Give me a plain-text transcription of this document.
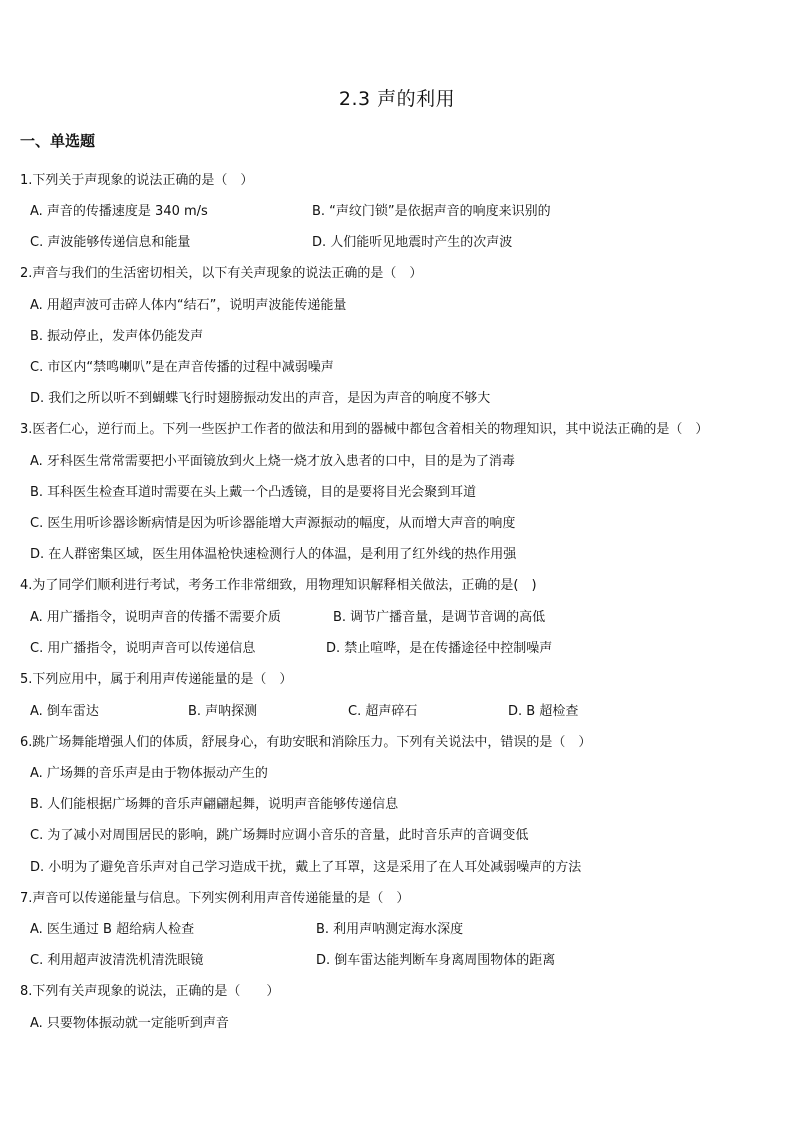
2.3 声的利用
一、单选题
1.下列关于声现象的说法正确的是（　）
A. 声音的传播速度是 340 m/s	B. “声纹门锁”是依据声音的响度来识别的
C. 声波能够传递信息和能量	D. 人们能听见地震时产生的次声波
2.声音与我们的生活密切相关，以下有关声现象的说法正确的是（　）
A. 用超声波可击碎人体内“结石”，说明声波能传递能量
B. 振动停止，发声体仍能发声
C. 市区内“禁鸣喇叭”是在声音传播的过程中减弱噪声
D. 我们之所以听不到蝴蝶飞行时翅膀振动发出的声音，是因为声音的响度不够大
3.医者仁心，逆行而上。下列一些医护工作者的做法和用到的器械中都包含着相关的物理知识，其中说法正确的是（　）
A. 牙科医生常常需要把小平面镜放到火上烧一烧才放入患者的口中，目的是为了消毒
B. 耳科医生检查耳道时需要在头上戴一个凸透镜，目的是要将目光会聚到耳道
C. 医生用听诊器诊断病情是因为听诊器能增大声源振动的幅度，从而增大声音的响度
D. 在人群密集区域，医生用体温枪快速检测行人的体温，是利用了红外线的热作用强
4.为了同学们顺利进行考试，考务工作非常细致，用物理知识解释相关做法，正确的是(　)
A. 用广播指令，说明声音的传播不需要介质	B. 调节广播音量，是调节音调的高低
C. 用广播指令，说明声音可以传递信息	D. 禁止喧哗，是在传播途径中控制噪声
5.下列应用中，属于利用声传递能量的是（　）
A. 倒车雷达	B. 声呐探测	C. 超声碎石	D. B 超检查
6.跳广场舞能增强人们的体质，舒展身心，有助安眠和消除压力。下列有关说法中，错误的是（　）
A. 广场舞的音乐声是由于物体振动产生的
B. 人们能根据广场舞的音乐声翩翩起舞，说明声音能够传递信息
C. 为了减小对周围居民的影响，跳广场舞时应调小音乐的音量，此时音乐声的音调变低
D. 小明为了避免音乐声对自己学习造成干扰，戴上了耳罩，这是采用了在人耳处减弱噪声的方法
7.声音可以传递能量与信息。下列实例利用声音传递能量的是（　）
A. 医生通过 B 超给病人检查	B. 利用声呐测定海水深度
C. 利用超声波清洗机清洗眼镜	D. 倒车雷达能判断车身离周围物体的距离
8.下列有关声现象的说法，正确的是（　　）
A. 只要物体振动就一定能听到声音
